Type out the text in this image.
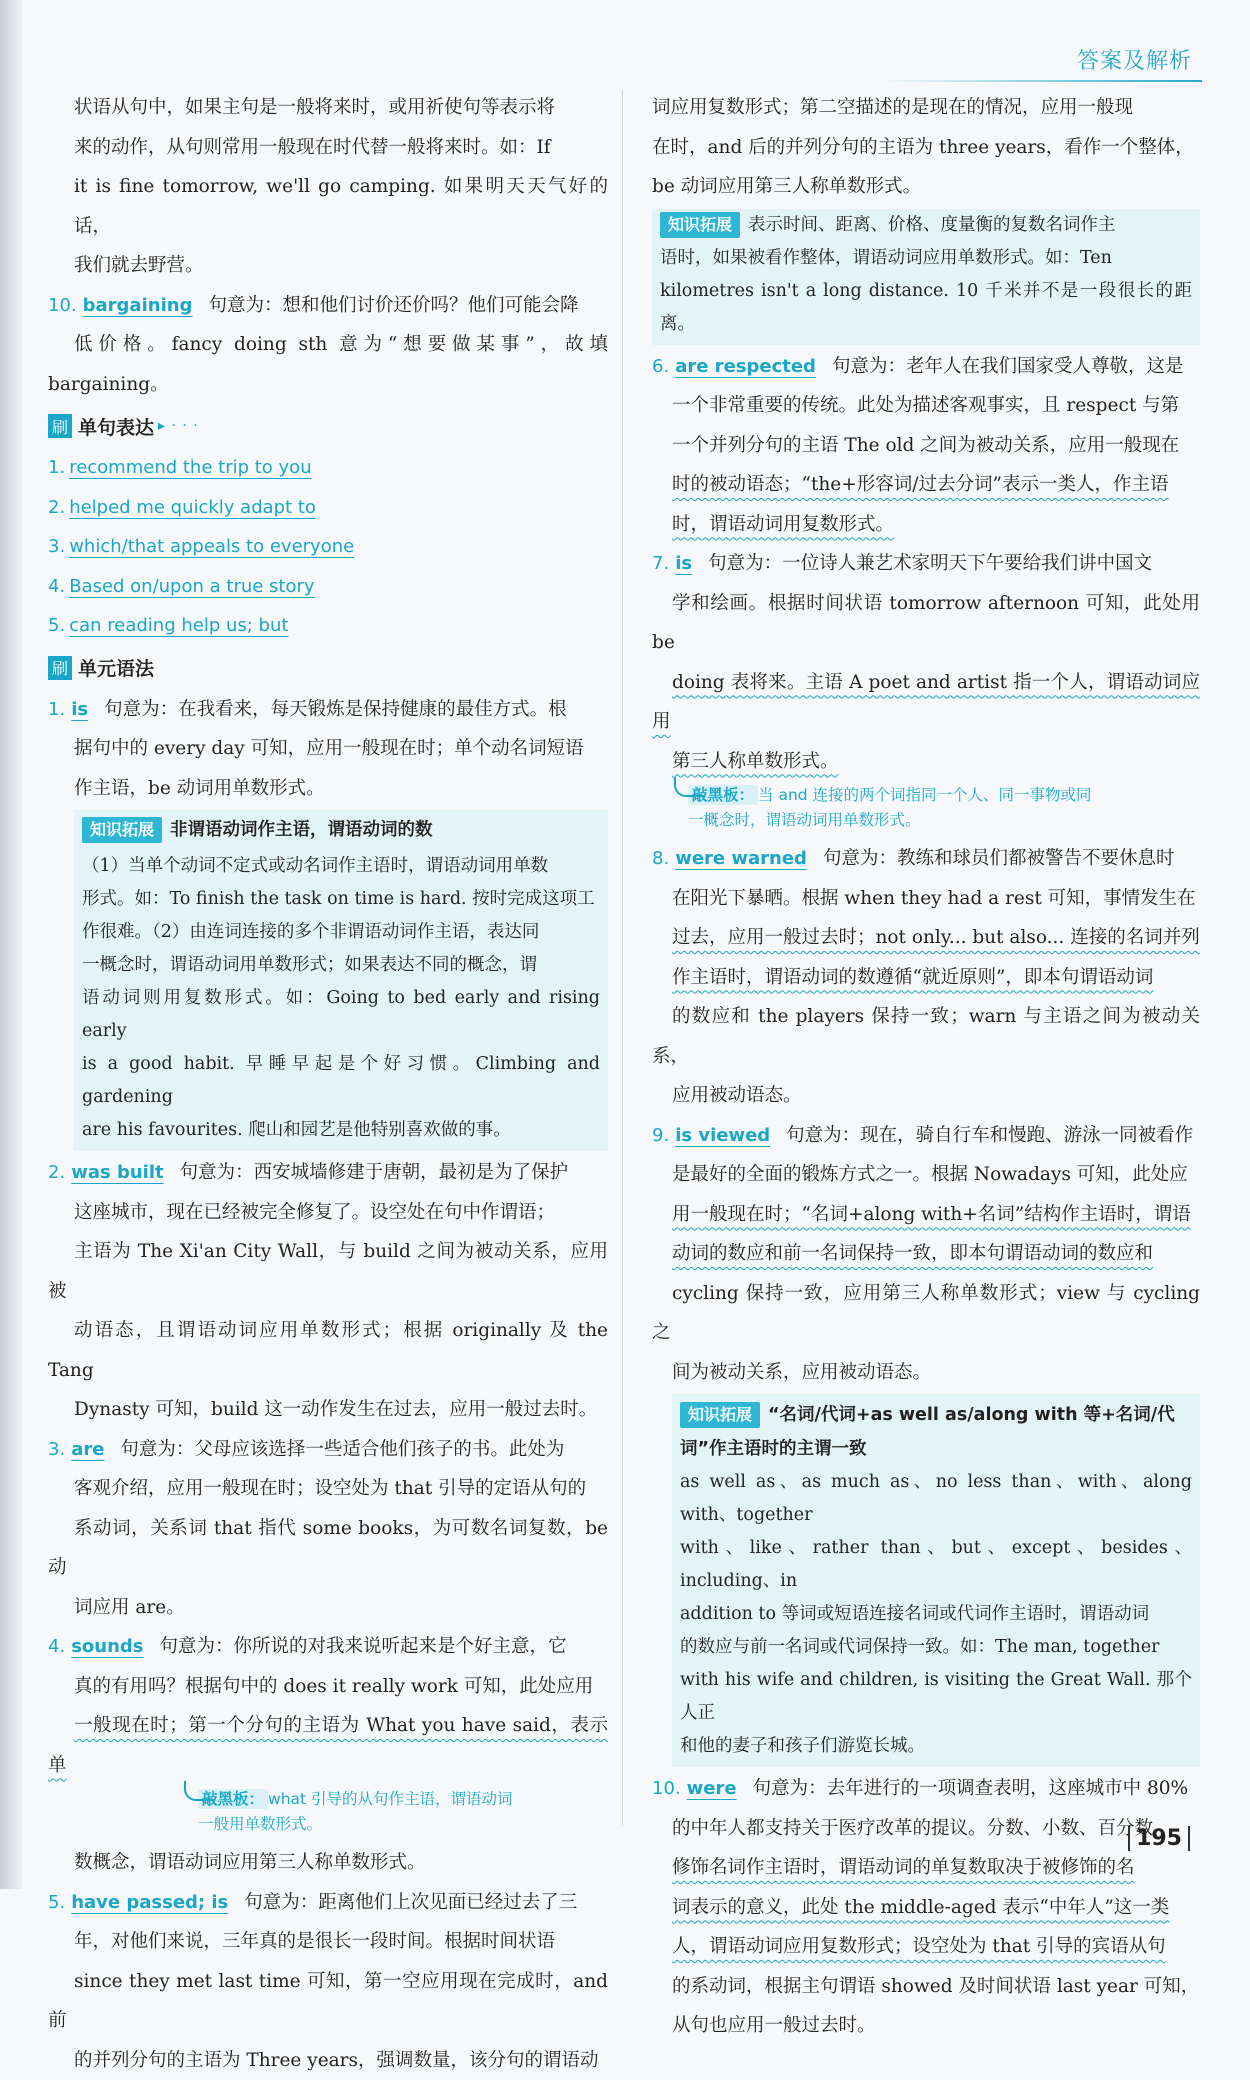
答案及解析

状语从句中，如果主句是一般将来时，或用祈使句等表示将
来的动作，从句则常用一般现在时代替一般将来时。如：If
it is fine tomorrow, we'll go camping. 如果明天天气好的话，
我们就去野营。

10. bargaining 句意为：想和他们讨价还价吗？他们可能会降
低价格。fancy doing sth 意为“想要做某事”，故填 bargaining。

刷 单句表达 ▸ · · ·

1. recommend the trip to you

2. helped me quickly adapt to

3. which/that appeals to everyone

4. Based on/upon a true story

5. can reading help us; but

刷 单元语法

1. is 句意为：在我看来，每天锻炼是保持健康的最佳方式。根
据句中的 every day 可知，应用一般现在时；单个动名词短语
作主语，be 动词用单数形式。

知识拓展 非谓语动词作主语，谓语动词的数

（1）当单个动词不定式或动名词作主语时，谓语动词用单数
形式。如：To finish the task on time is hard. 按时完成这项工
作很难。（2）由连词连接的多个非谓语动词作主语，表达同
一概念时，谓语动词用单数形式；如果表达不同的概念，谓
语动词则用复数形式。如：Going to bed early and rising early
is a good habit. 早睡早起是个好习惯。Climbing and gardening
are his favourites. 爬山和园艺是他特别喜欢做的事。

2. was built 句意为：西安城墙修建于唐朝，最初是为了保护
这座城市，现在已经被完全修复了。设空处在句中作谓语；
主语为 The Xi'an City Wall，与 build 之间为被动关系，应用被
动语态，且谓语动词应用单数形式；根据 originally 及 the Tang
Dynasty 可知，build 这一动作发生在过去，应用一般过去时。

3. are 句意为：父母应该选择一些适合他们孩子的书。此处为
客观介绍，应用一般现在时；设空处为 that 引导的定语从句的
系动词，关系词 that 指代 some books，为可数名词复数，be 动
词应用 are。

4. sounds 句意为：你所说的对我来说听起来是个好主意，它
真的有用吗？根据句中的 does it really work 可知，此处应用
一般现在时；第一个分句的主语为 What you have said，表示单

敲黑板： what 引导的从句作主语，谓语动词
一般用单数形式。

数概念，谓语动词应用第三人称单数形式。

5. have passed; is 句意为：距离他们上次见面已经过去了三
年，对他们来说，三年真的是很长一段时间。根据时间状语
since they met last time 可知，第一空应用现在完成时，and 前
的并列分句的主语为 Three years，强调数量，该分句的谓语动

词应用复数形式；第二空描述的是现在的情况，应用一般现
在时，and 后的并列分句的主语为 three years，看作一个整体，
be 动词应用第三人称单数形式。

知识拓展 表示时间、距离、价格、度量衡的复数名词作主
语时，如果被看作整体，谓语动词应用单数形式。如：Ten
kilometres isn't a long distance. 10 千米并不是一段很长的距离。

6. are respected 句意为：老年人在我们国家受人尊敬，这是
一个非常重要的传统。此处为描述客观事实，且 respect 与第
一个并列分句的主语 The old 之间为被动关系，应用一般现在
时的被动语态；“the+形容词/过去分词”表示一类人，作主语
时，谓语动词用复数形式。

7. is 句意为：一位诗人兼艺术家明天下午要给我们讲中国文
学和绘画。根据时间状语 tomorrow afternoon 可知，此处用 be
doing 表将来。主语 A poet and artist 指一个人，谓语动词应用
第三人称单数形式。

敲黑板： 当 and 连接的两个词指同一个人、同一事物或同
一概念时，谓语动词用单数形式。

8. were warned 句意为：教练和球员们都被警告不要休息时
在阳光下暴晒。根据 when they had a rest 可知，事情发生在
过去，应用一般过去时；not only... but also... 连接的名词并列
作主语时，谓语动词的数遵循“就近原则”，即本句谓语动词
的数应和 the players 保持一致；warn 与主语之间为被动关系，
应用被动语态。

9. is viewed 句意为：现在，骑自行车和慢跑、游泳一同被看作
是最好的全面的锻炼方式之一。根据 Nowadays 可知，此处应
用一般现在时；“名词+along with+名词”结构作主语时，谓语
动词的数应和前一名词保持一致，即本句谓语动词的数应和
cycling 保持一致，应用第三人称单数形式；view 与 cycling 之
间为被动关系，应用被动语态。

知识拓展 “名词/代词+as well as/along with 等+名词/代
词”作主语时的主谓一致

as well as、as much as、no less than、with、along with、together
with、like、rather than、but、except、besides、including、in
addition to 等词或短语连接名词或代词作主语时，谓语动词
的数应与前一名词或代词保持一致。如：The man, together
with his wife and children, is visiting the Great Wall. 那个人正
和他的妻子和孩子们游览长城。

10. were 句意为：去年进行的一项调查表明，这座城市中 80%
的中年人都支持关于医疗改革的提议。分数、小数、百分数
修饰名词作主语时，谓语动词的单复数取决于被修饰的名
词表示的意义，此处 the middle-aged 表示“中年人”这一类
人，谓语动词应用复数形式；设空处为 that 引导的宾语从句
的系动词，根据主句谓语 showed 及时间状语 last year 可知，
从句也应用一般过去时。

195
